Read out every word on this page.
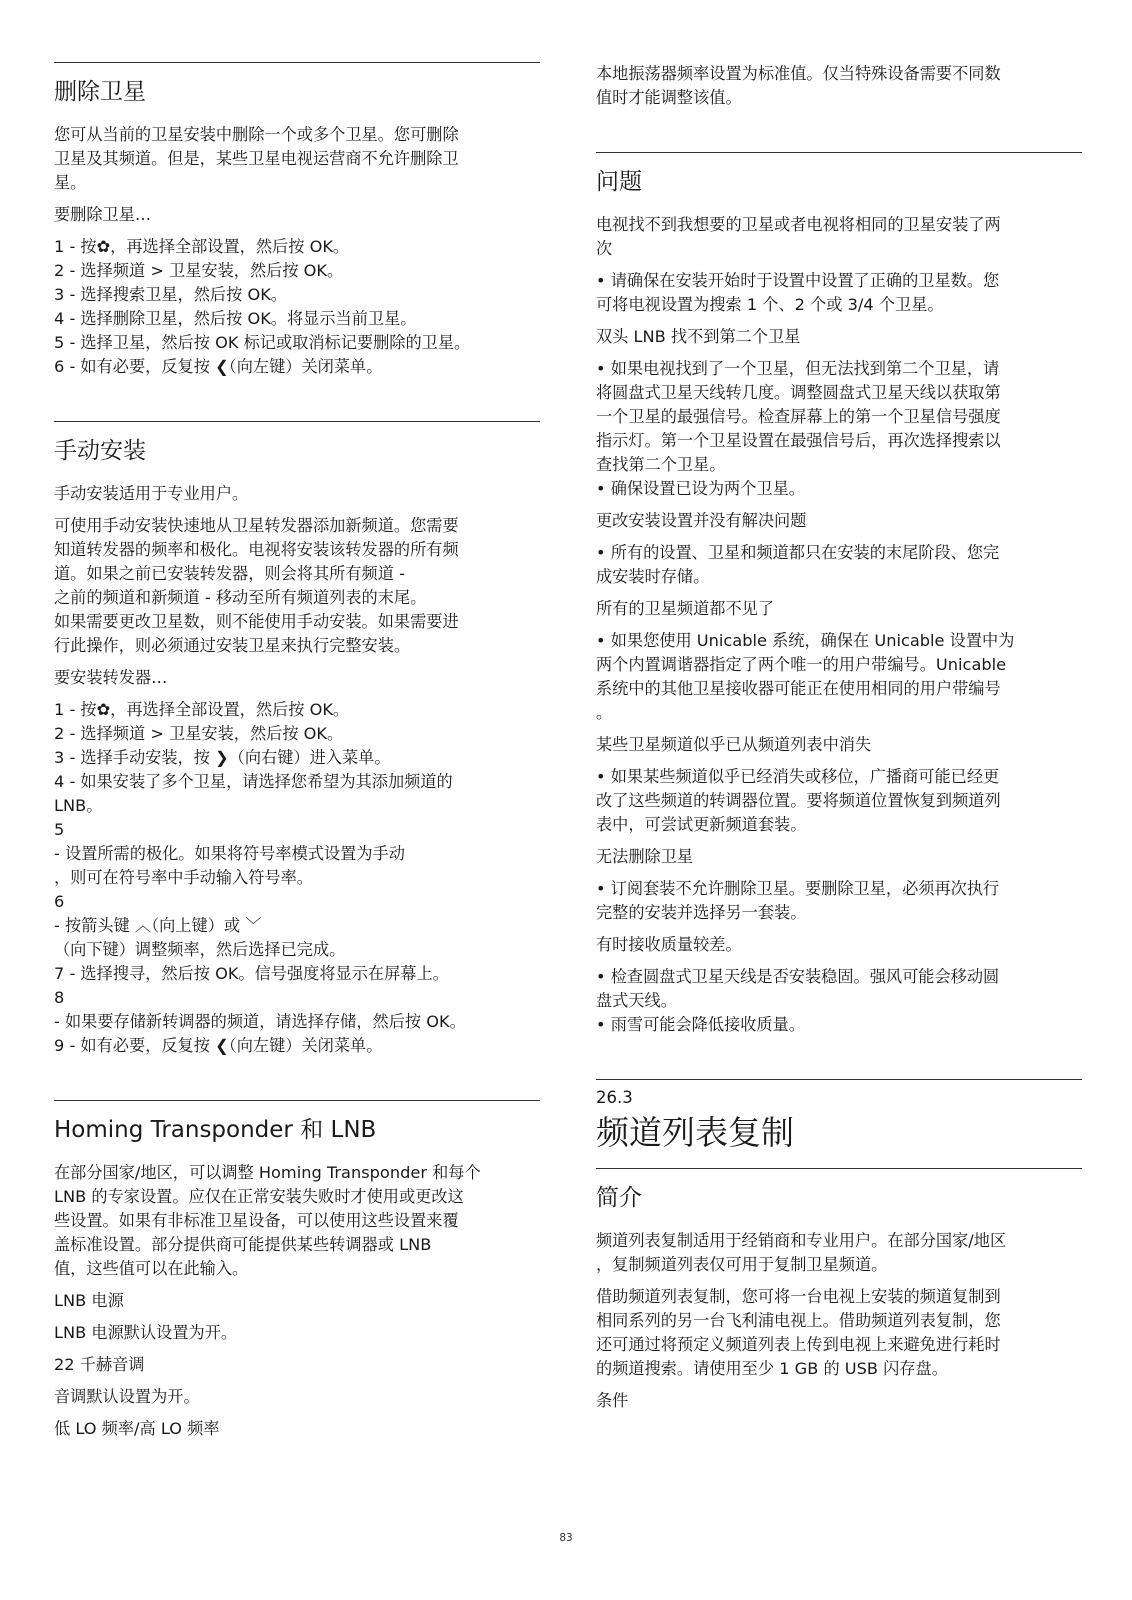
删除卫星
您可从当前的卫星安装中删除一个或多个卫星。您可删除
卫星及其频道。但是，某些卫星电视运营商不允许删除卫
星。

要删除卫星…

1 - 按✿，再选择全部设置，然后按 OK。
2 - 选择频道 > 卫星安装，然后按 OK。
3 - 选择搜索卫星，然后按 OK。
4 - 选择删除卫星，然后按 OK。将显示当前卫星。
5 - 选择卫星，然后按 OK 标记或取消标记要删除的卫星。
6 - 如有必要，反复按 ❮（向左键）关闭菜单。
手动安装

手动安装适用于专业用户。

可使用手动安装快速地从卫星转发器添加新频道。您需要
知道转发器的频率和极化。电视将安装该转发器的所有频
道。如果之前已安装转发器，则会将其所有频道 -
之前的频道和新频道 - 移动至所有频道列表的末尾。
如果需要更改卫星数，则不能使用手动安装。如果需要进
行此操作，则必须通过安装卫星来执行完整安装。

要安装转发器…

1 - 按✿，再选择全部设置，然后按 OK。
2 - 选择频道 > 卫星安装，然后按 OK。
3 - 选择手动安装，按 ❯（向右键）进入菜单。
4 - 如果安装了多个卫星，请选择您希望为其添加频道的
LNB。
5
- 设置所需的极化。如果将符号率模式设置为手动
，则可在符号率中手动输入符号率。
6
- 按箭头键 ︿（向上键）或 ﹀
（向下键）调整频率，然后选择已完成。
7 - 选择搜寻，然后按 OK。信号强度将显示在屏幕上。
8
- 如果要存储新转调器的频道，请选择存储，然后按 OK。
9 - 如有必要，反复按 ❮（向左键）关闭菜单。
Homing Transponder 和 LNB
在部分国家/地区，可以调整 Homing Transponder 和每个
LNB 的专家设置。应仅在正常安装失败时才使用或更改这
些设置。如果有非标准卫星设备，可以使用这些设置来覆
盖标准设置。部分提供商可能提供某些转调器或 LNB
值，这些值可以在此输入。

LNB 电源

LNB 电源默认设置为开。

22 千赫音调

音调默认设置为开。

低 LO 频率/高 LO 频率

本地振荡器频率设置为标准值。仅当特殊设备需要不同数
值时才能调整该值。
问题
电视找不到我想要的卫星或者电视将相同的卫星安装了两
次
• 请确保在安装开始时于设置中设置了正确的卫星数。您
可将电视设置为搜索 1 个、2 个或 3/4 个卫星。

双头 LNB 找不到第二个卫星

• 如果电视找到了一个卫星，但无法找到第二个卫星，请
将圆盘式卫星天线转几度。调整圆盘式卫星天线以获取第
一个卫星的最强信号。检查屏幕上的第一个卫星信号强度
指示灯。第一个卫星设置在最强信号后，再次选择搜索以
查找第二个卫星。
• 确保设置已设为两个卫星。

更改安装设置并没有解决问题

• 所有的设置、卫星和频道都只在安装的末尾阶段、您完
成安装时存储。

所有的卫星频道都不见了

• 如果您使用 Unicable 系统，确保在 Unicable 设置中为
两个内置调谐器指定了两个唯一的用户带编号。Unicable
系统中的其他卫星接收器可能正在使用相同的用户带编号
。

某些卫星频道似乎已从频道列表中消失

• 如果某些频道似乎已经消失或移位，广播商可能已经更
改了这些频道的转调器位置。要将频道位置恢复到频道列
表中，可尝试更新频道套装。

无法删除卫星

• 订阅套装不允许删除卫星。要删除卫星，必须再次执行
完整的安装并选择另一套装。

有时接收质量较差。

• 检查圆盘式卫星天线是否安装稳固。强风可能会移动圆
盘式天线。
• 雨雪可能会降低接收质量。
26.3
频道列表复制
简介
频道列表复制适用于经销商和专业用户。在部分国家/地区
，复制频道列表仅可用于复制卫星频道。
借助频道列表复制，您可将一台电视上安装的频道复制到
相同系列的另一台飞利浦电视上。借助频道列表复制，您
还可通过将预定义频道列表上传到电视上来避免进行耗时
的频道搜索。请使用至少 1 GB 的 USB 闪存盘。

条件

83
